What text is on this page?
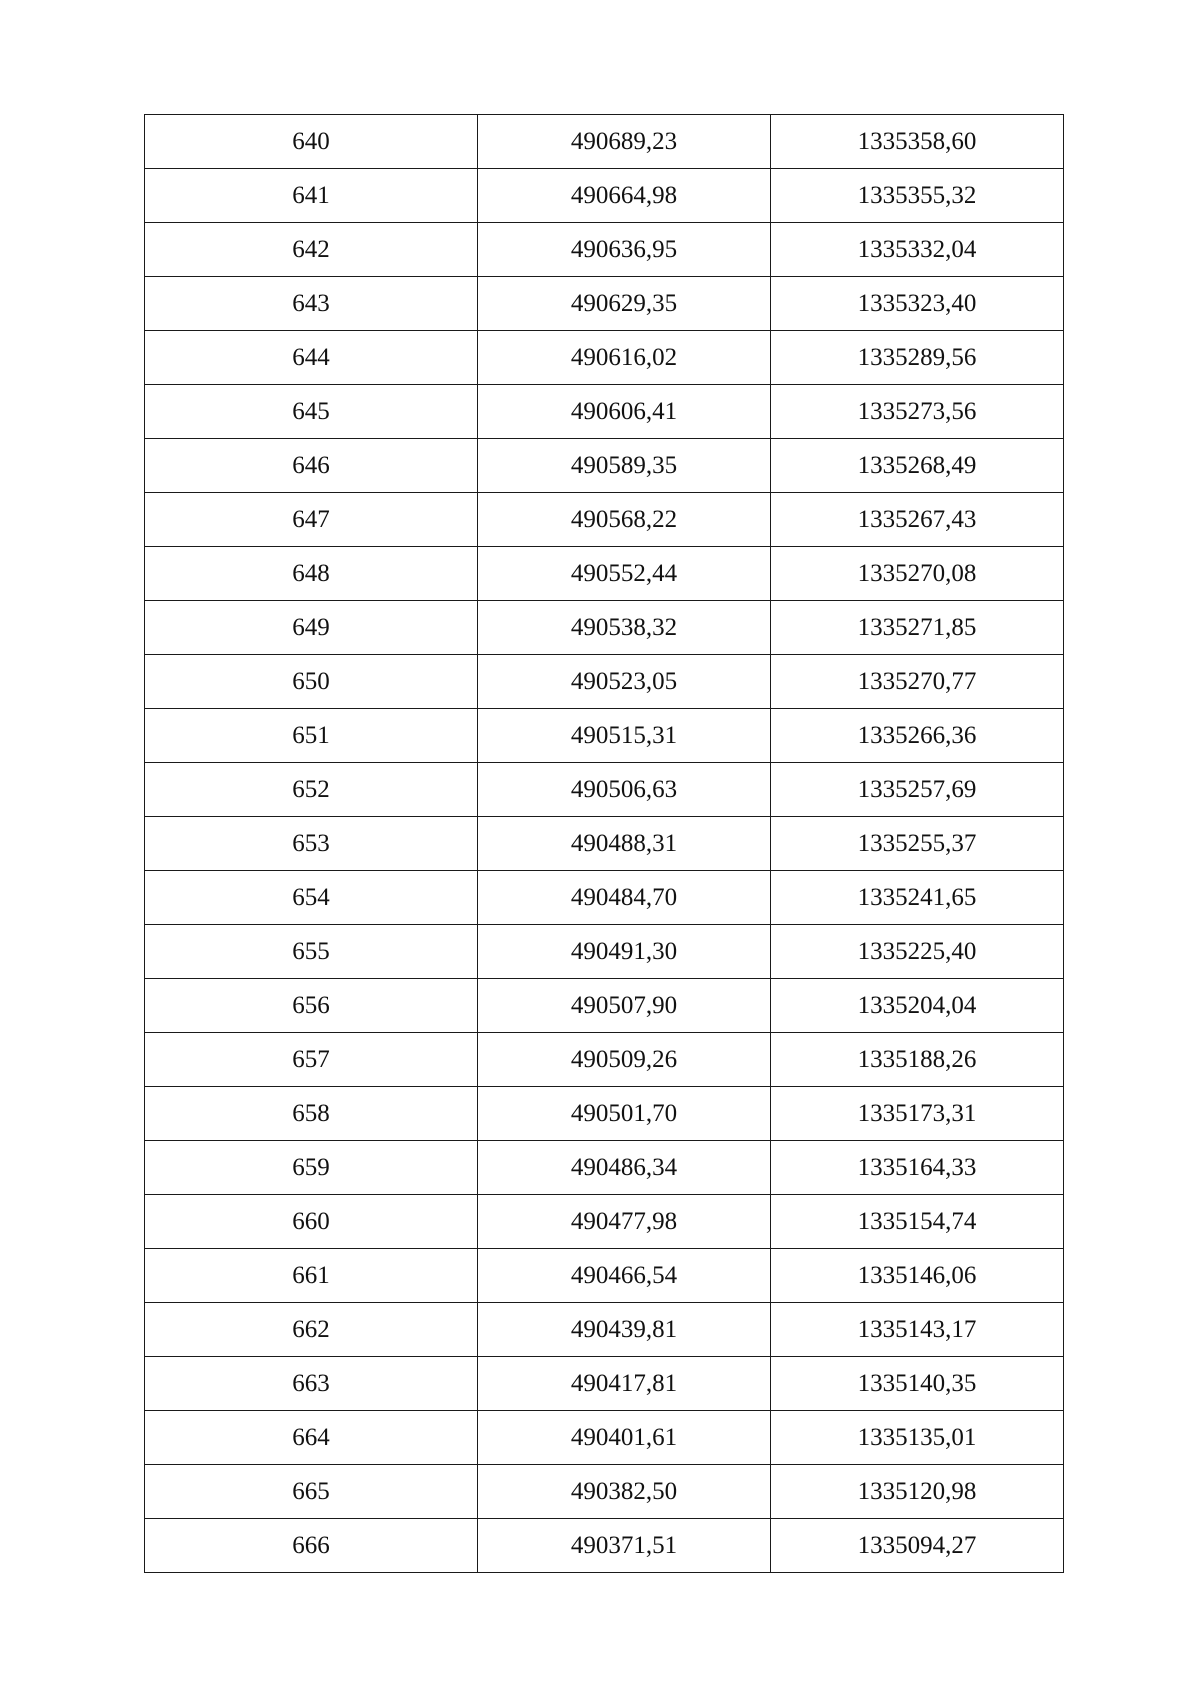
640	490689,23	1335358,60
641	490664,98	1335355,32
642	490636,95	1335332,04
643	490629,35	1335323,40
644	490616,02	1335289,56
645	490606,41	1335273,56
646	490589,35	1335268,49
647	490568,22	1335267,43
648	490552,44	1335270,08
649	490538,32	1335271,85
650	490523,05	1335270,77
651	490515,31	1335266,36
652	490506,63	1335257,69
653	490488,31	1335255,37
654	490484,70	1335241,65
655	490491,30	1335225,40
656	490507,90	1335204,04
657	490509,26	1335188,26
658	490501,70	1335173,31
659	490486,34	1335164,33
660	490477,98	1335154,74
661	490466,54	1335146,06
662	490439,81	1335143,17
663	490417,81	1335140,35
664	490401,61	1335135,01
665	490382,50	1335120,98
666	490371,51	1335094,27
